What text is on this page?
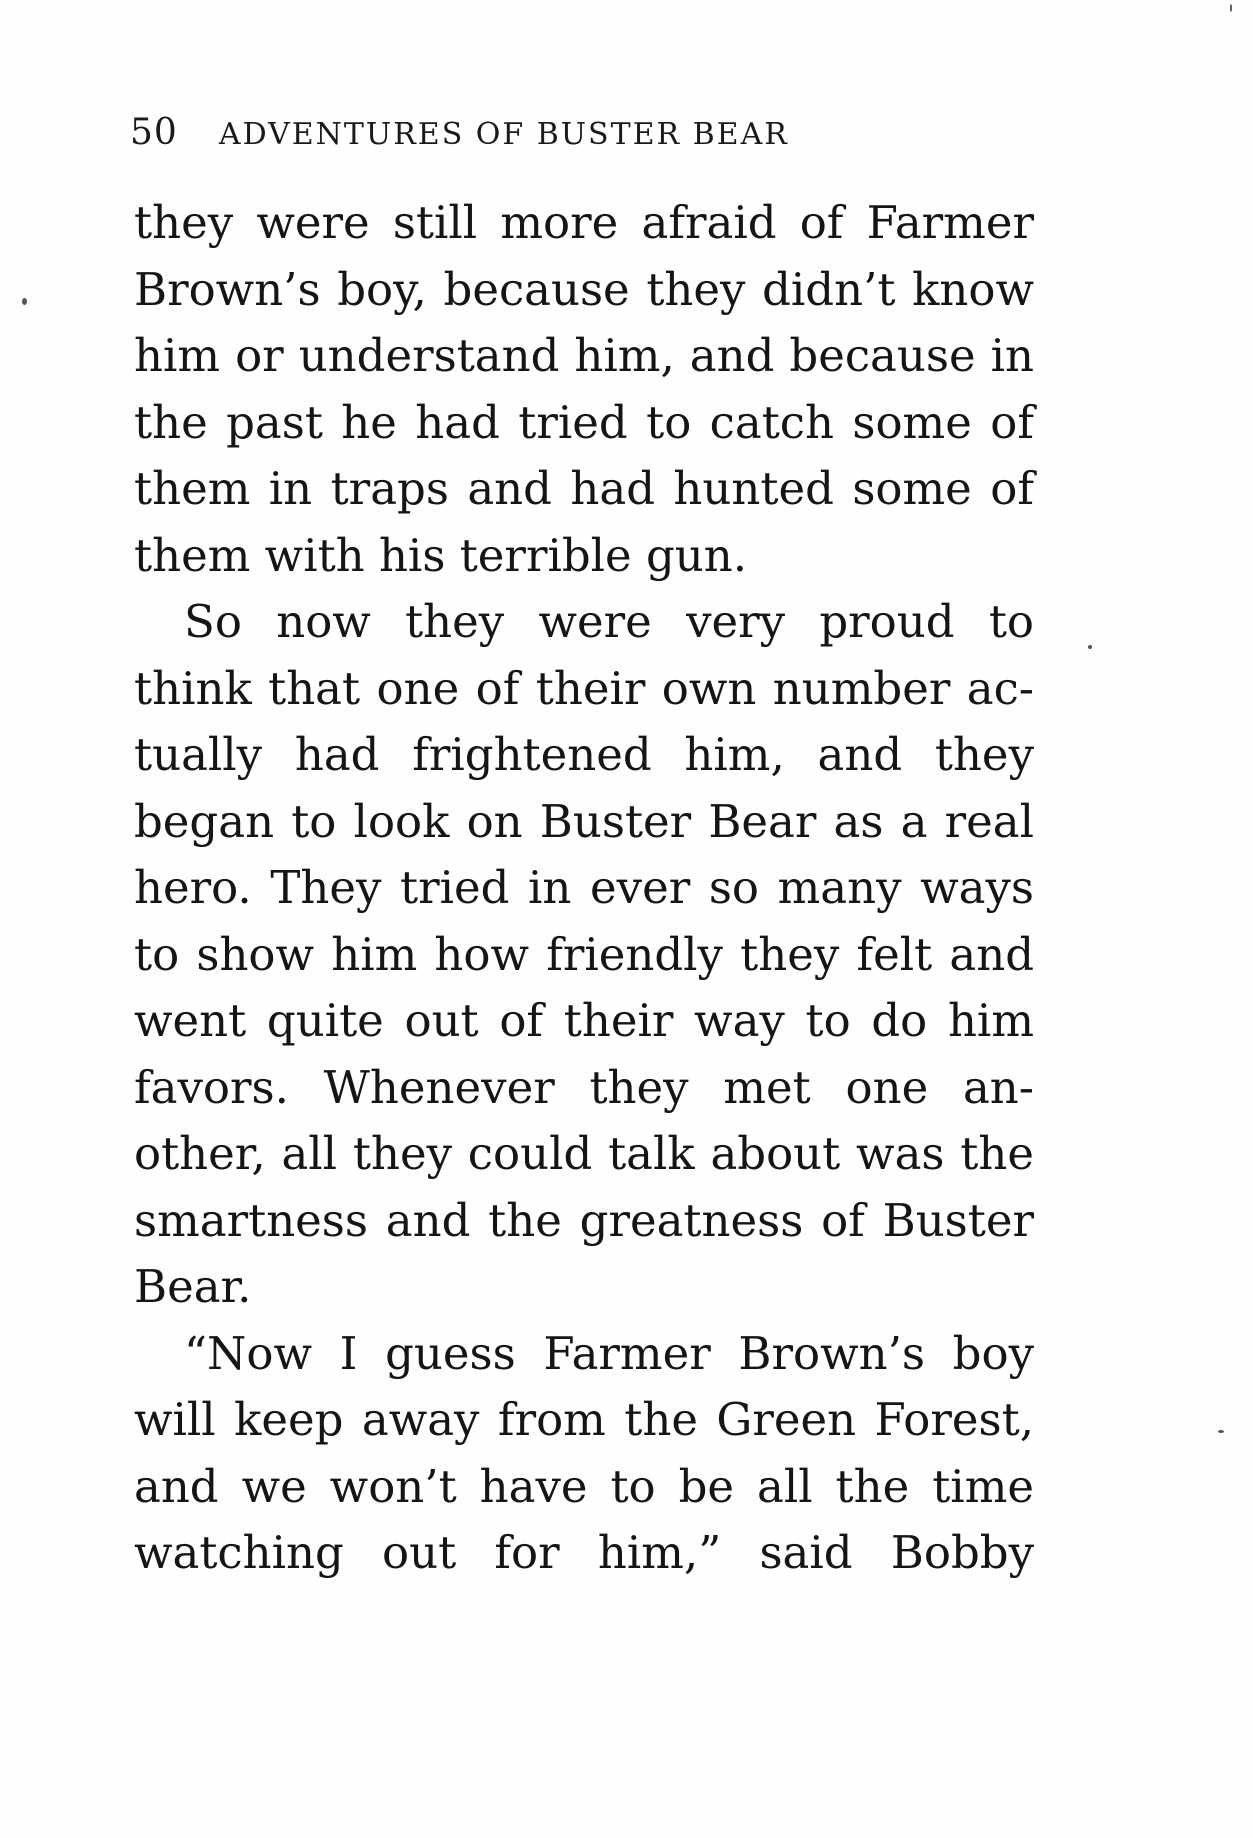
50 ADVENTURES OF BUSTER BEAR
they were still more afraid of Farmer
Brown’s boy, because they didn’t know
him or understand him, and because in
the past he had tried to catch some of
them in traps and had hunted some of
them with his terrible gun.
So now they were very proud to
think that one of their own number ac-
tually had frightened him, and they
began to look on Buster Bear as a real
hero. They tried in ever so many ways
to show him how friendly they felt and
went quite out of their way to do him
favors. Whenever they met one an-
other, all they could talk about was the
smartness and the greatness of Buster
Bear.
“Now I guess Farmer Brown’s boy
will keep away from the Green Forest,
and we won’t have to be all the time
watching out for him,” said Bobby
